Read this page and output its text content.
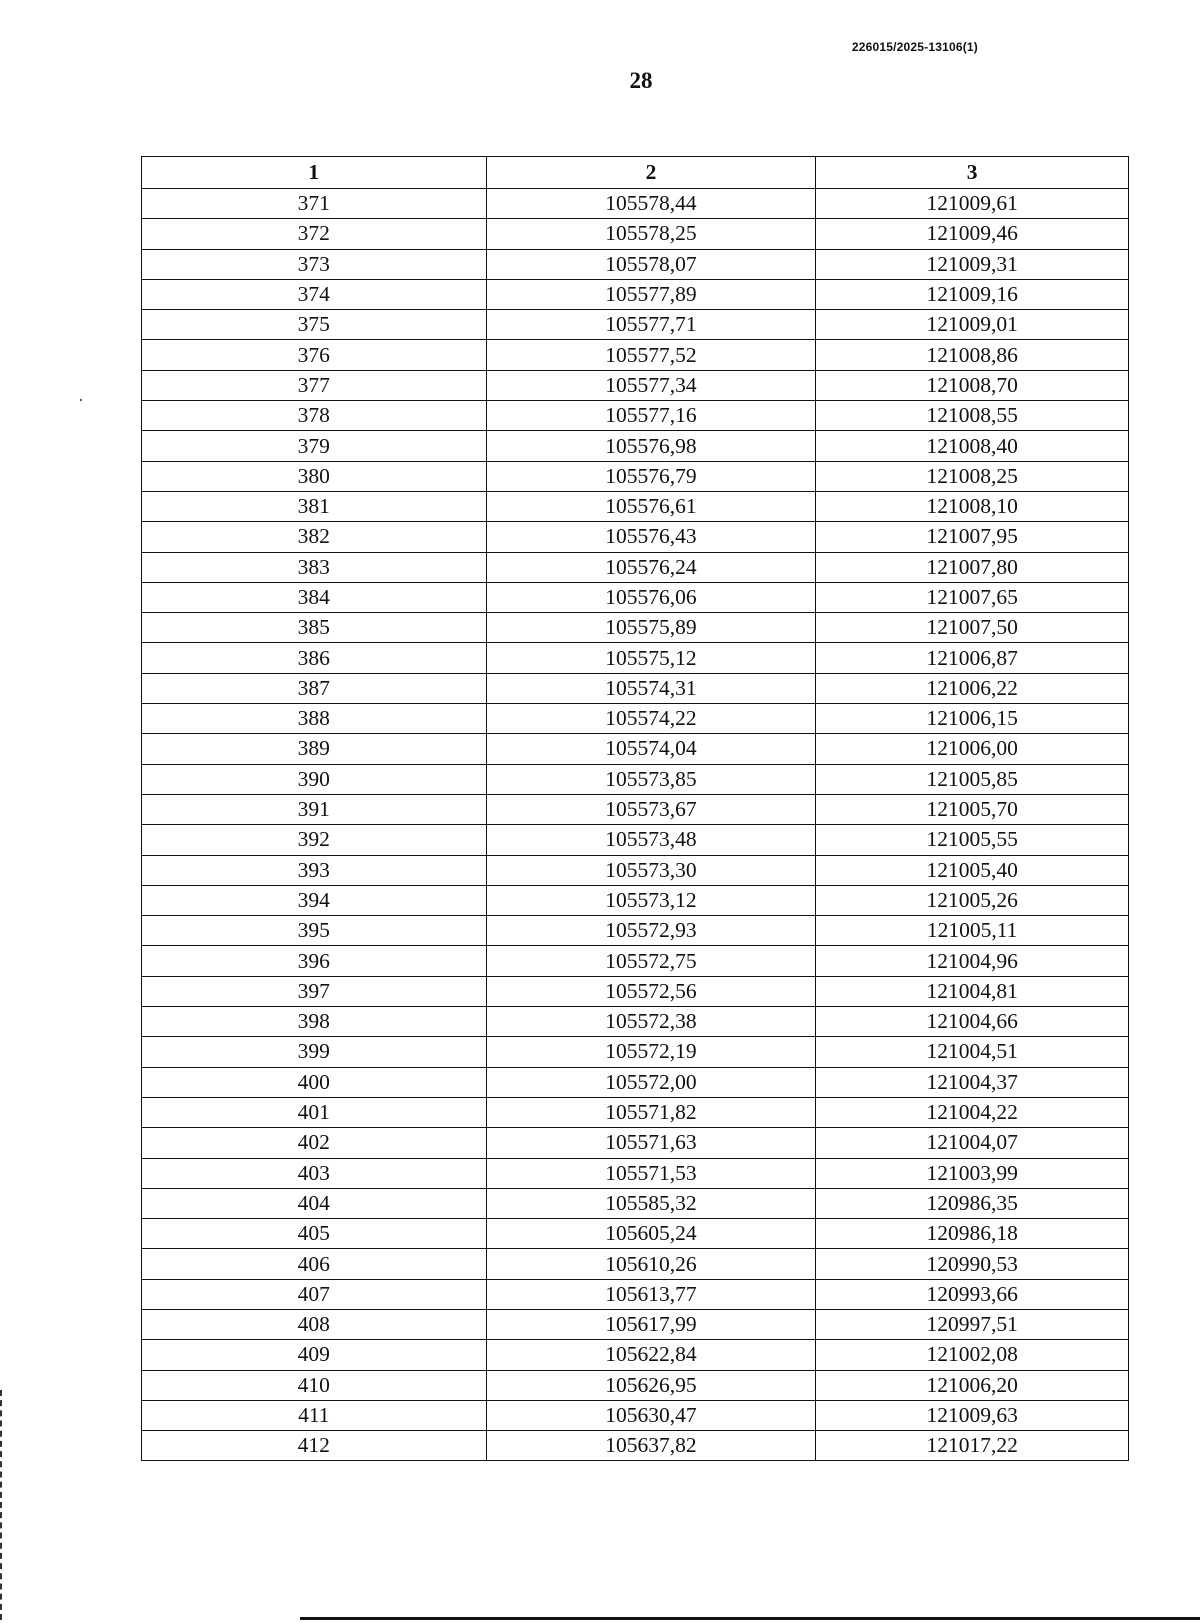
226015/2025-13106(1)
28
1	2	3
371	105578,44	121009,61
372	105578,25	121009,46
373	105578,07	121009,31
374	105577,89	121009,16
375	105577,71	121009,01
376	105577,52	121008,86
377	105577,34	121008,70
378	105577,16	121008,55
379	105576,98	121008,40
380	105576,79	121008,25
381	105576,61	121008,10
382	105576,43	121007,95
383	105576,24	121007,80
384	105576,06	121007,65
385	105575,89	121007,50
386	105575,12	121006,87
387	105574,31	121006,22
388	105574,22	121006,15
389	105574,04	121006,00
390	105573,85	121005,85
391	105573,67	121005,70
392	105573,48	121005,55
393	105573,30	121005,40
394	105573,12	121005,26
395	105572,93	121005,11
396	105572,75	121004,96
397	105572,56	121004,81
398	105572,38	121004,66
399	105572,19	121004,51
400	105572,00	121004,37
401	105571,82	121004,22
402	105571,63	121004,07
403	105571,53	121003,99
404	105585,32	120986,35
405	105605,24	120986,18
406	105610,26	120990,53
407	105613,77	120993,66
408	105617,99	120997,51
409	105622,84	121002,08
410	105626,95	121006,20
411	105630,47	121009,63
412	105637,82	121017,22
